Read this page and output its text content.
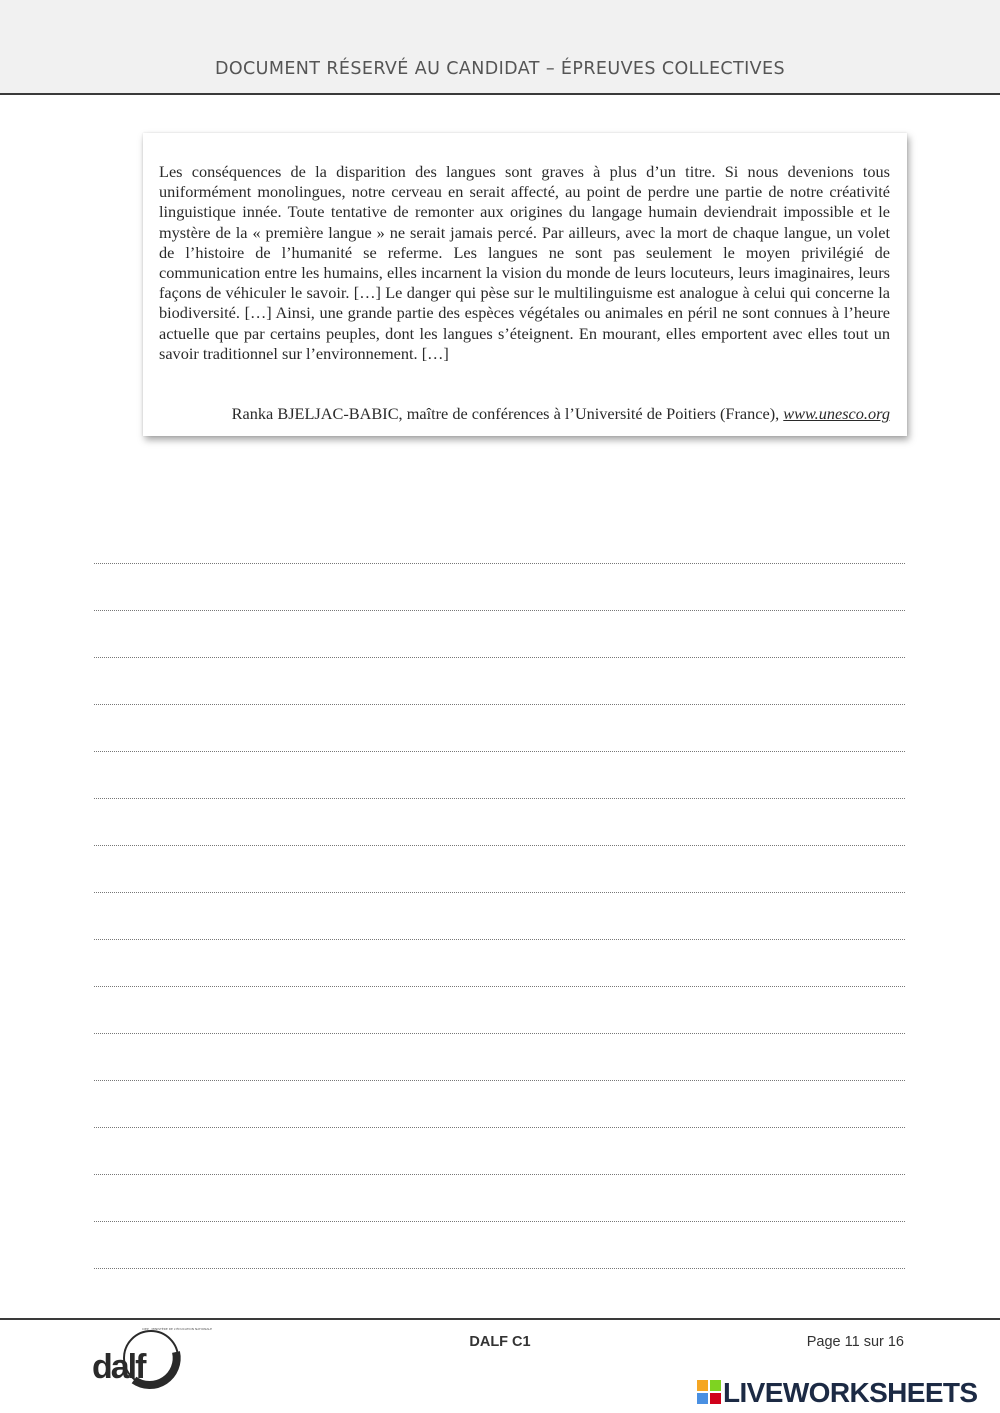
DOCUMENT RÉSERVÉ AU CANDIDAT – ÉPREUVES COLLECTIVES

Les conséquences de la disparition des langues sont graves à plus d’un titre. Si nous devenions tous uniformément monolingues, notre cerveau en serait affecté, au point de perdre une partie de notre créativité linguistique innée. Toute tentative de remonter aux origines du langage humain deviendrait impossible et le mystère de la « première langue » ne serait jamais percé. Par ailleurs, avec la mort de chaque langue, un volet de l’histoire de l’humanité se referme. Les langues ne sont pas seulement le moyen privilégié de communication entre les humains, elles incarnent la vision du monde de leurs locuteurs, leurs imaginaires, leurs façons de véhiculer le savoir. […] Le danger qui pèse sur le multilinguisme est analogue à celui qui concerne la biodiversité. […] Ainsi, une grande partie des espèces végétales ou animales en péril ne sont connues à l’heure actuelle que par certains peuples, dont les langues s’éteignent. En mourant, elles emportent avec elles tout un savoir traditionnel sur l’environnement. […]

Ranka BJELJAC-BABIC, maître de conférences à l’Université de Poitiers (France), www.unesco.org

dalf
CIEP · MINISTÈRE DE L'ÉDUCATION NATIONALE
DALF C1	Page 11 sur 16
LIVEWORKSHEETS
